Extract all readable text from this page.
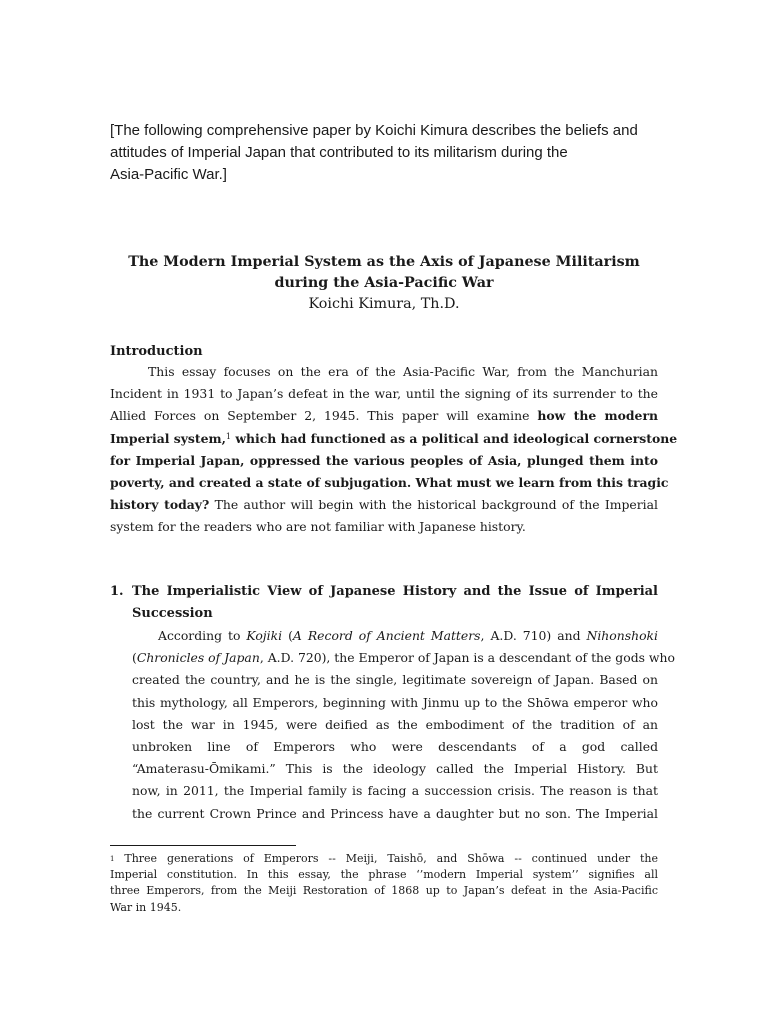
[The following comprehensive paper by Koichi Kimura describes the beliefs and
attitudes of Imperial Japan that contributed to its militarism during the
Asia-Pacific War.]

The Modern Imperial System as the Axis of Japanese Militarism
during the Asia-Pacific War
Koichi Kimura, Th.D.
Introduction
This essay focuses on the era of the Asia-Pacific War, from the Manchurian
Incident in 1931 to Japan’s defeat in the war, until the signing of its surrender to the
Allied Forces on September 2, 1945. This paper will examine how the modern
Imperial system,$^1$ which had functioned as a political and ideological cornerstone
for Imperial Japan, oppressed the various peoples of Asia, plunged them into
poverty, and created a state of subjugation. What must we learn from this tragic
history today? The author will begin with the historical background of the Imperial
system for the readers who are not familiar with Japanese history.
1. The Imperialistic View of Japanese History and the Issue of Imperial
Succession
According to Kojiki (A Record of Ancient Matters, A.D. 710) and Nihonshoki
(Chronicles of Japan, A.D. 720), the Emperor of Japan is a descendant of the gods who
created the country, and he is the single, legitimate sovereign of Japan. Based on
this mythology, all Emperors, beginning with Jinmu up to the Shōwa emperor who
lost the war in 1945, were deified as the embodiment of the tradition of an
unbroken line of Emperors who were descendants of a god called
“Amaterasu-Ōmikami.” This is the ideology called the Imperial History. But
now, in 2011, the Imperial family is facing a succession crisis. The reason is that
the current Crown Prince and Princess have a daughter but no son. The Imperial
$^1$ Three generations of Emperors -- Meiji, Taishō, and Shōwa -- continued under the
Imperial constitution. In this essay, the phrase ‘’modern Imperial system’’ signifies all
three Emperors, from the Meiji Restoration of 1868 up to Japan’s defeat in the Asia-Pacific
War in 1945.
